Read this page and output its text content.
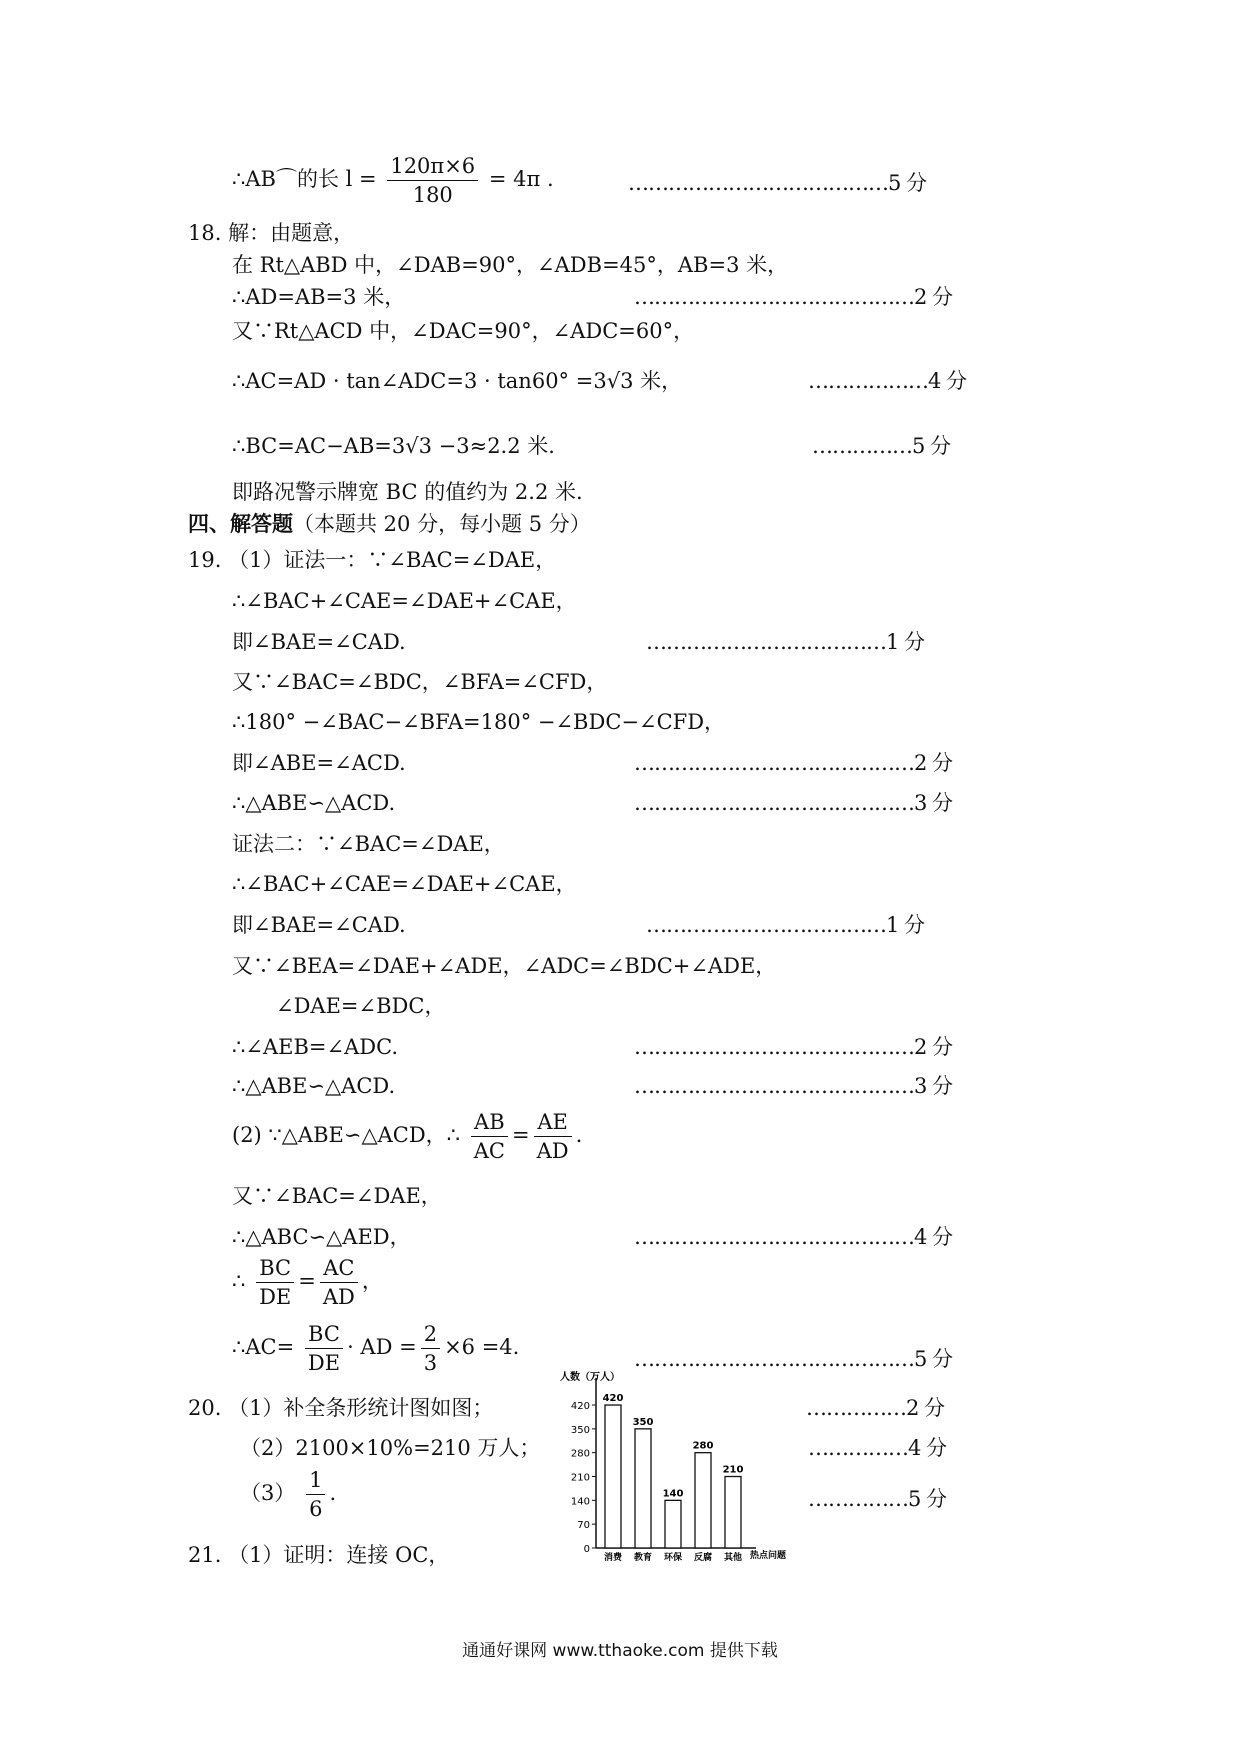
∴AB⌒的长 $l = \frac{120\pi\times 6}{180} = 4\pi$ .	…………………………………5 分
18. 解：由题意，
在 Rt△ABD 中，∠DAB=90°，∠ADB=45°，AB=3 米，
∴AD=AB=3 米，	……………………………………2 分
又∵Rt△ACD 中，∠DAC=90°，∠ADC=60°，
∴AC=AD · tan∠ADC=3 · tan60° =3√3 米，	………………4 分
∴BC=AC−AB=3√3 −3≈2.2 米.	……………5 分
即路况警示牌宽 BC 的值约为 2.2 米.
四、解答题（本题共 20 分，每小题 5 分）
19. （1）证法一：∵∠BAC=∠DAE，
∴∠BAC+∠CAE=∠DAE+∠CAE，
即∠BAE=∠CAD.	………………………………1 分
又∵∠BAC=∠BDC，∠BFA=∠CFD，
∴180° −∠BAC−∠BFA=180° −∠BDC−∠CFD，
即∠ABE=∠ACD.	……………………………………2 分
∴△ABE∽△ACD.	……………………………………3 分
证法二：∵∠BAC=∠DAE，
∴∠BAC+∠CAE=∠DAE+∠CAE，
即∠BAE=∠CAD.	………………………………1 分
又∵∠BEA=∠DAE+∠ADE，∠ADC=∠BDC+∠ADE，
∠DAE=∠BDC，
∴∠AEB=∠ADC.	……………………………………2 分
∴△ABE∽△ACD.	……………………………………3 分
(2) ∵△ABE∽△ACD，∴ $\frac{AB}{AC} = \frac{AE}{AD}$ .
又∵∠BAC=∠DAE，
∴△ABC∽△AED，	……………………………………4 分
∴ $\frac{BC}{DE} = \frac{AC}{AD}$ ，
∴AC= $\frac{BC}{DE}$ · AD = $\frac{2}{3} \times 6 =4$.	……………………………………5 分
20. （1）补全条形统计图如图；	……………2 分
（2）2100×10%=210 万人；	……………4 分
$(3) \frac{1}{6}$ .	……………5 分
21. （1）证明：连接 OC，
人数（万人）
热点问题
0
70
140
210
280
350
420
420
消费
350
教育
140
环保
280
反腐
210
其他
通通好课网 www.tthaoke.com 提供下载
